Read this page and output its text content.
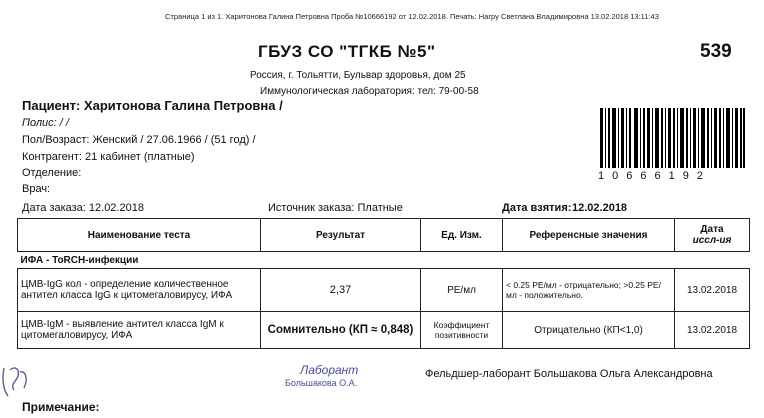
Страница 1 из 1. Харитонова Галина Петровна Проба №10666192 от 12.02.2018. Печать: Нагру Светлана Владимировна 13.02.2018 13:11:43
ГБУЗ СО "ТГКБ №5"	539
Россия, г. Тольятти, Бульвар здоровья, дом 25
Иммунологическая лаборатория: тел: 79-00-58
Пациент: Харитонова Галина Петровна /
Полис: / /
Пол/Возраст: Женский / 27.06.1966 / (51 год) /
Контрагент: 21 кабинет (платные)
Отделение:
Врач:
10666192
Дата заказа: 12.02.2018	Источник заказа: Платные	Дата взятия: 12.02.2018
Наименование теста	Результат	Ед. Изм.	Референсные значения	Дата
иссл-ия

ИФА - ToRCH-инфекции				
ЦМВ-IgG кол - определение количественное антител класса IgG к цитомегаловирусу, ИФА	2,37	РЕ/мл	< 0.25 РЕ/мл - отрицательно; >0.25 РЕ/мл - положительно.	13.02.2018
ЦМВ-IgM - выявление антител класса IgM к цитомегаловирусу, ИФА	Сомнительно (КП ≈ 0,848)	Коэффициент позитивности	Отрицательно (КП<1,0)	13.02.2018
Лаборант
Большакова О.А.
Фельдшер-лаборант Большакова Ольга Александровна
Примечание:
